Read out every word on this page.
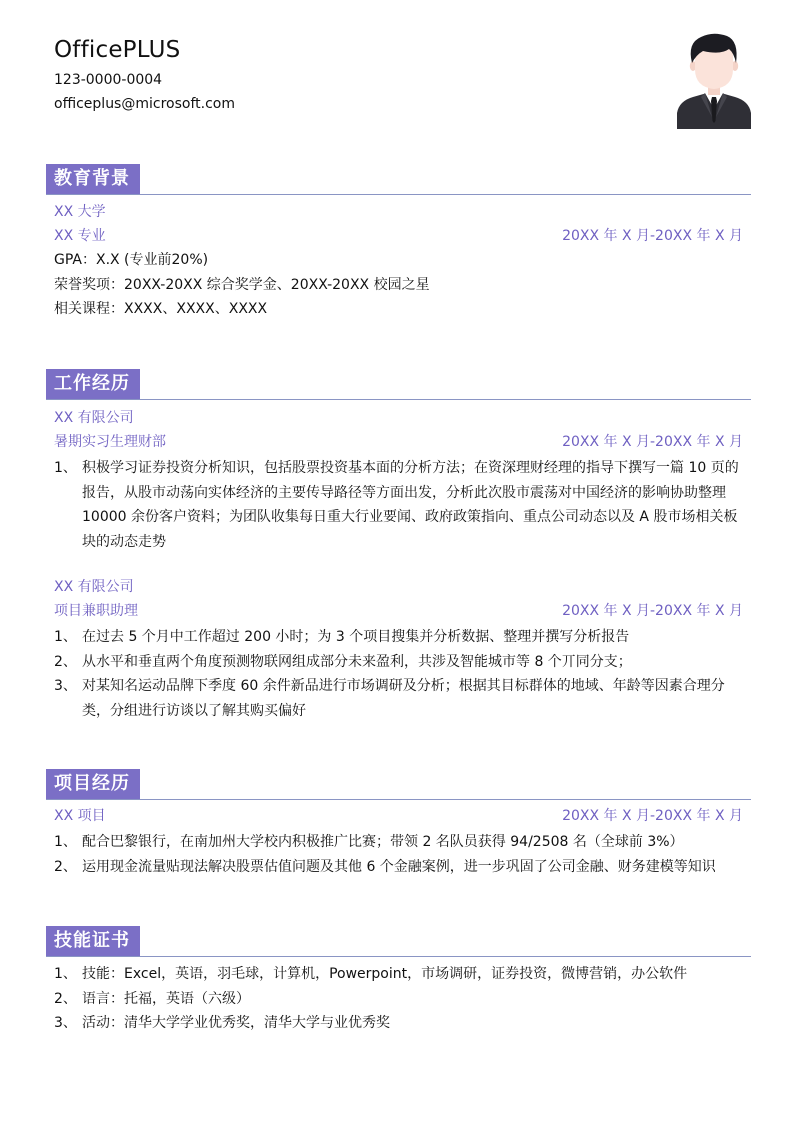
OfficePLUS
123-0000-0004
officeplus@microsoft.com
教育背景
XX 大学
XX 专业	20XX 年 X 月-20XX 年 X 月
GPA：X.X (专业前20%)
荣誉奖项：20XX-20XX 综合奖学金、20XX-20XX 校园之星
相关课程：XXXX、XXXX、XXXX
工作经历
XX 有限公司
暑期实习生理财部	20XX 年 X 月-20XX 年 X 月
1、 积极学习证券投资分析知识，包括股票投资基本面的分析方法；在资深理财经理的指导下撰写一篇 10 页的报告，从股市动荡向实体经济的主要传导路径等方面出发，分析此次股市震荡对中国经济的影响协助整理 10000 余份客户资料；为团队收集每日重大行业要闻、政府政策指向、重点公司动态以及 A 股市场相关板块的动态走势
XX 有限公司
项目兼职助理	20XX 年 X 月-20XX 年 X 月
1、 在过去 5 个月中工作超过 200 小时；为 3 个项目搜集并分析数据、整理并撰写分析报告
2、 从水平和垂直两个角度预测物联网组成部分未来盈利，共涉及智能城市等 8 个丌同分支；
3、 对某知名运动品牌下季度 60 余件新品进行市场调研及分析；根据其目标群体的地域、年龄等因素合理分类，分组进行访谈以了解其购买偏好
项目经历
XX 项目	20XX 年 X 月-20XX 年 X 月
1、 配合巴黎银行，在南加州大学校内积极推广比赛；带领 2 名队员获得 94/2508 名（全球前 3%）
2、 运用现金流量贴现法解决股票估值问题及其他 6 个金融案例，进一步巩固了公司金融、财务建模等知识
技能证书
1、 技能：Excel，英语，羽毛球，计算机，Powerpoint，市场调研，证券投资，微博营销，办公软件
2、 语言：托福，英语（六级）
3、 活动：清华大学学业优秀奖，清华大学与业优秀奖
